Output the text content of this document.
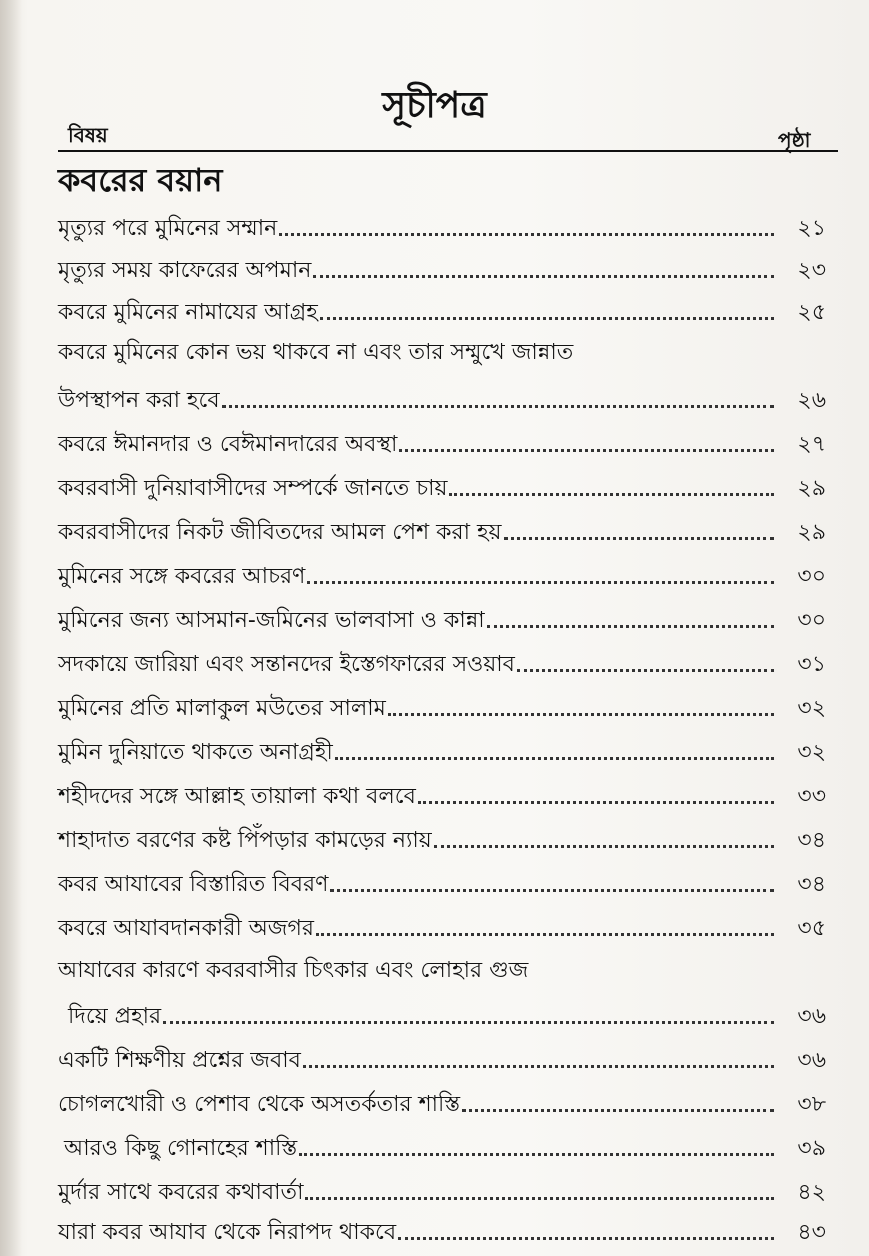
সূচীপত্র
বিষয়	পৃষ্ঠা
কবরের বয়ান
মৃত্যুর পরে মুমিনের সম্মান	২১
মৃত্যুর সময় কাফেরের অপমান	২৩
কবরে মুমিনের নামাযের আগ্রহ	২৫
কবরে মুমিনের কোন ভয় থাকবে না এবং তার সম্মুখে জান্নাত
উপস্থাপন করা হবে	২৬
কবরে ঈমানদার ও বেঈমানদারের অবস্থা	২৭
কবরবাসী দুনিয়াবাসীদের সম্পর্কে জানতে চায়	২৯
কবরবাসীদের নিকট জীবিতদের আমল পেশ করা হয়	২৯
মুমিনের সঙ্গে কবরের আচরণ	৩০
মুমিনের জন্য আসমান-জমিনের ভালবাসা ও কান্না	৩০
সদকায়ে জারিয়া এবং সন্তানদের ইস্তেগফারের সওয়াব	৩১
মুমিনের প্রতি মালাকুল মউতের সালাম	৩২
মুমিন দুনিয়াতে থাকতে অনাগ্রহী	৩২
শহীদদের সঙ্গে আল্লাহ তায়ালা কথা বলবে	৩৩
শাহাদাত বরণের কষ্ট পিঁপড়ার কামড়ের ন্যায়	৩৪
কবর আযাবের বিস্তারিত বিবরণ	৩৪
কবরে আযাবদানকারী অজগর	৩৫
আযাবের কারণে কবরবাসীর চিৎকার এবং লোহার গুজ
দিয়ে প্রহার	৩৬
একটি শিক্ষণীয় প্রশ্নের জবাব	৩৬
চোগলখোরী ও পেশাব থেকে অসতর্কতার শাস্তি	৩৮
আরও কিছু গোনাহের শাস্তি	৩৯
মুর্দার সাথে কবরের কথাবার্তা	৪২
যারা কবর আযাব থেকে নিরাপদ থাকবে	৪৩
